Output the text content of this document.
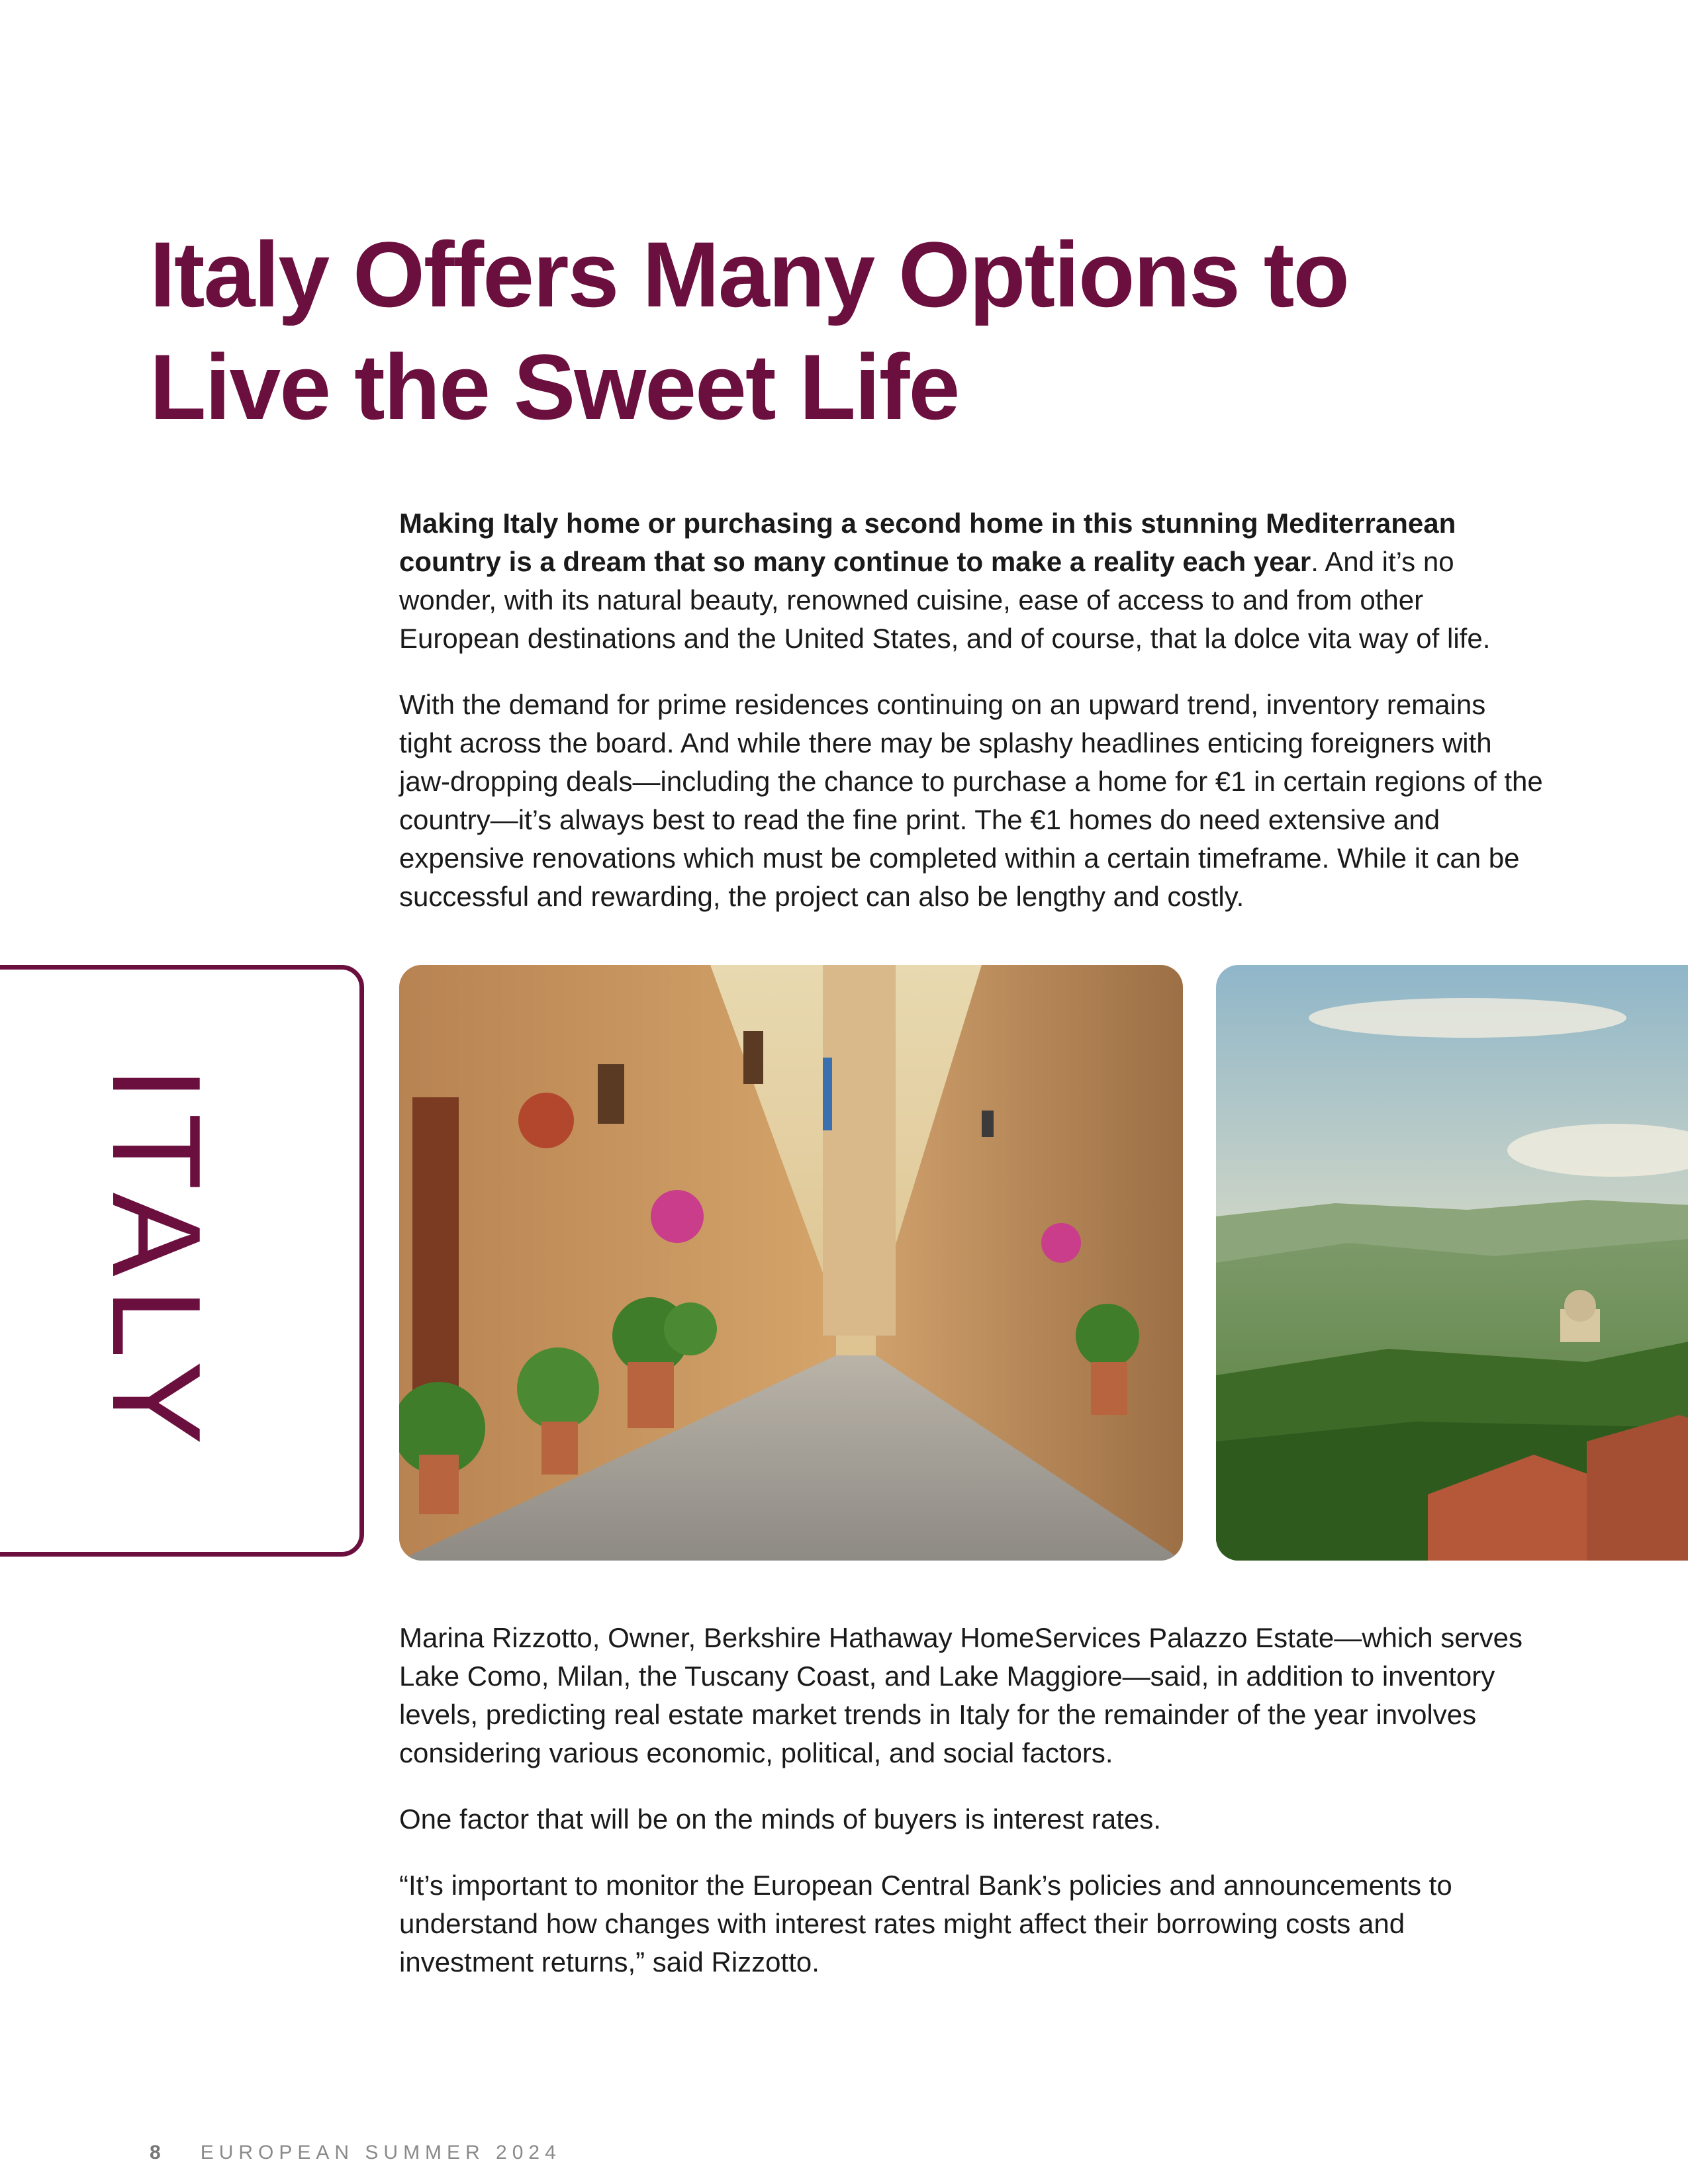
Italy Offers Many Options to
Live the Sweet Life

Making Italy home or purchasing a second home in this stunning Mediterranean country is a dream that so many continue to make a reality each year. And it’s no wonder, with its natural beauty, renowned cuisine, ease of access to and from other European destinations and the United States, and of course, that la dolce vita way of life.

With the demand for prime residences continuing on an upward trend, inventory remains tight across the board. And while there may be splashy headlines enticing foreigners with jaw-dropping deals—including the chance to purchase a home for €1 in certain regions of the country—it’s always best to read the fine print. The €1 homes do need extensive and expensive renovations which must be completed within a certain timeframe. While it can be successful and rewarding, the project can also be lengthy and costly.

ITALY

Marina Rizzotto, Owner, Berkshire Hathaway HomeServices Palazzo Estate—which serves Lake Como, Milan, the Tuscany Coast, and Lake Maggiore—said, in addition to inventory levels, predicting real estate market trends in Italy for the remainder of the year involves considering various economic, political, and social factors.

One factor that will be on the minds of buyers is interest rates.

“It’s important to monitor the European Central Bank’s policies and announcements to understand how changes with interest rates might affect their borrowing costs and investment returns,” said Rizzotto.

8 EUROPEAN SUMMER 2024
